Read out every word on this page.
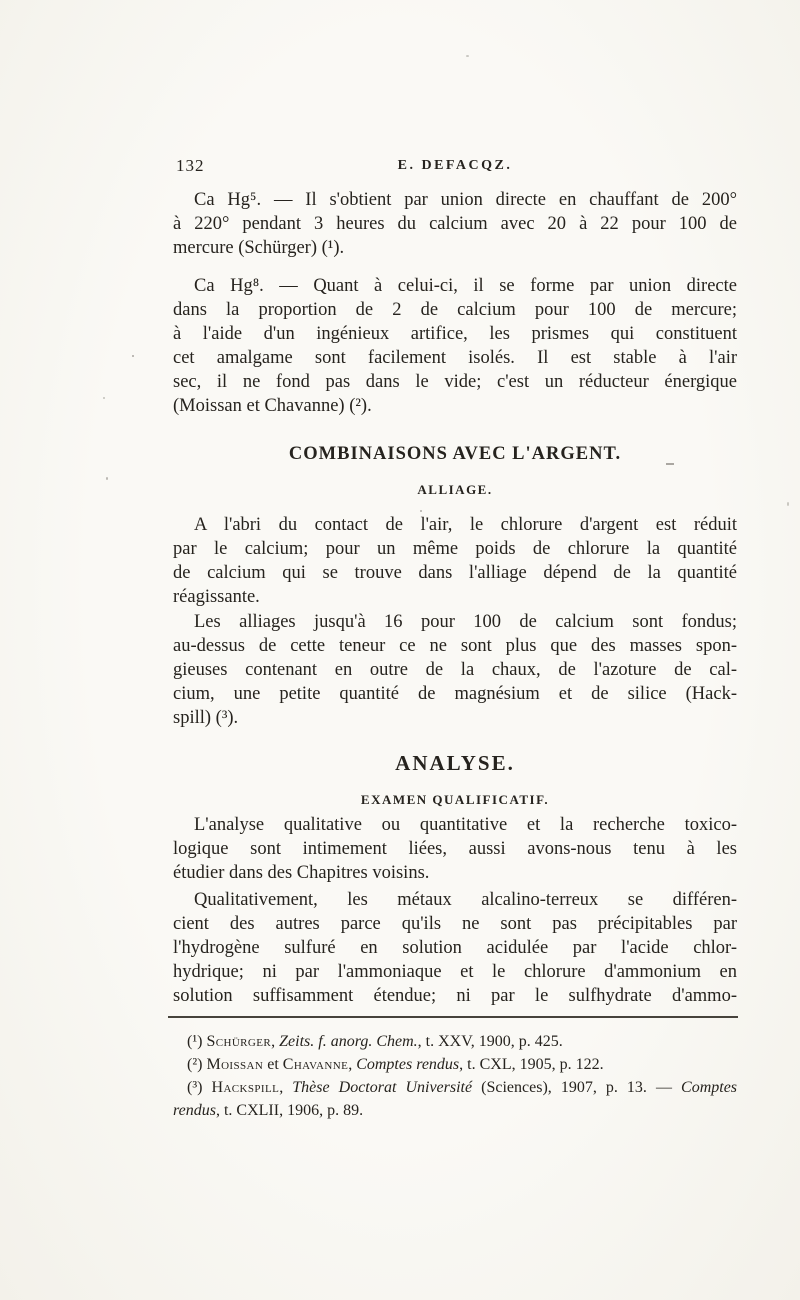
132	E. DEFACQZ.
Ca Hg⁵. — Il s'obtient par union directe en chauffant de 200°
à 220° pendant 3 heures du calcium avec 20 à 22 pour 100 de
mercure (Schürger) (¹).
Ca Hg⁸. — Quant à celui-ci, il se forme par union directe
dans la proportion de 2 de calcium pour 100 de mercure;
à l'aide d'un ingénieux artifice, les prismes qui constituent
cet amalgame sont facilement isolés. Il est stable à l'air
sec, il ne fond pas dans le vide; c'est un réducteur énergique
(Moissan et Chavanne) (²).
COMBINAISONS AVEC L'ARGENT.
ALLIAGE.
A l'abri du contact de l'air, le chlorure d'argent est réduit
par le calcium; pour un même poids de chlorure la quantité
de calcium qui se trouve dans l'alliage dépend de la quantité
réagissante.
Les alliages jusqu'à 16 pour 100 de calcium sont fondus;
au-dessus de cette teneur ce ne sont plus que des masses spon-
gieuses contenant en outre de la chaux, de l'azoture de cal-
cium, une petite quantité de magnésium et de silice (Hack-
spill) (³).
ANALYSE.
EXAMEN QUALIFICATIF.
L'analyse qualitative ou quantitative et la recherche toxico-
logique sont intimement liées, aussi avons-nous tenu à les
étudier dans des Chapitres voisins.
Qualitativement, les métaux alcalino-terreux se différen-
cient des autres parce qu'ils ne sont pas précipitables par
l'hydrogène sulfuré en solution acidulée par l'acide chlor-
hydrique; ni par l'ammoniaque et le chlorure d'ammonium en
solution suffisamment étendue; ni par le sulfhydrate d'ammo-
(¹) Schürger, Zeits. f. anorg. Chem., t. XXV, 1900, p. 425.
(²) Moissan et Chavanne, Comptes rendus, t. CXL, 1905, p. 122.
(³) Hackspill, Thèse Doctorat Université (Sciences), 1907, p. 13. — Comptes
rendus, t. CXLII, 1906, p. 89.
